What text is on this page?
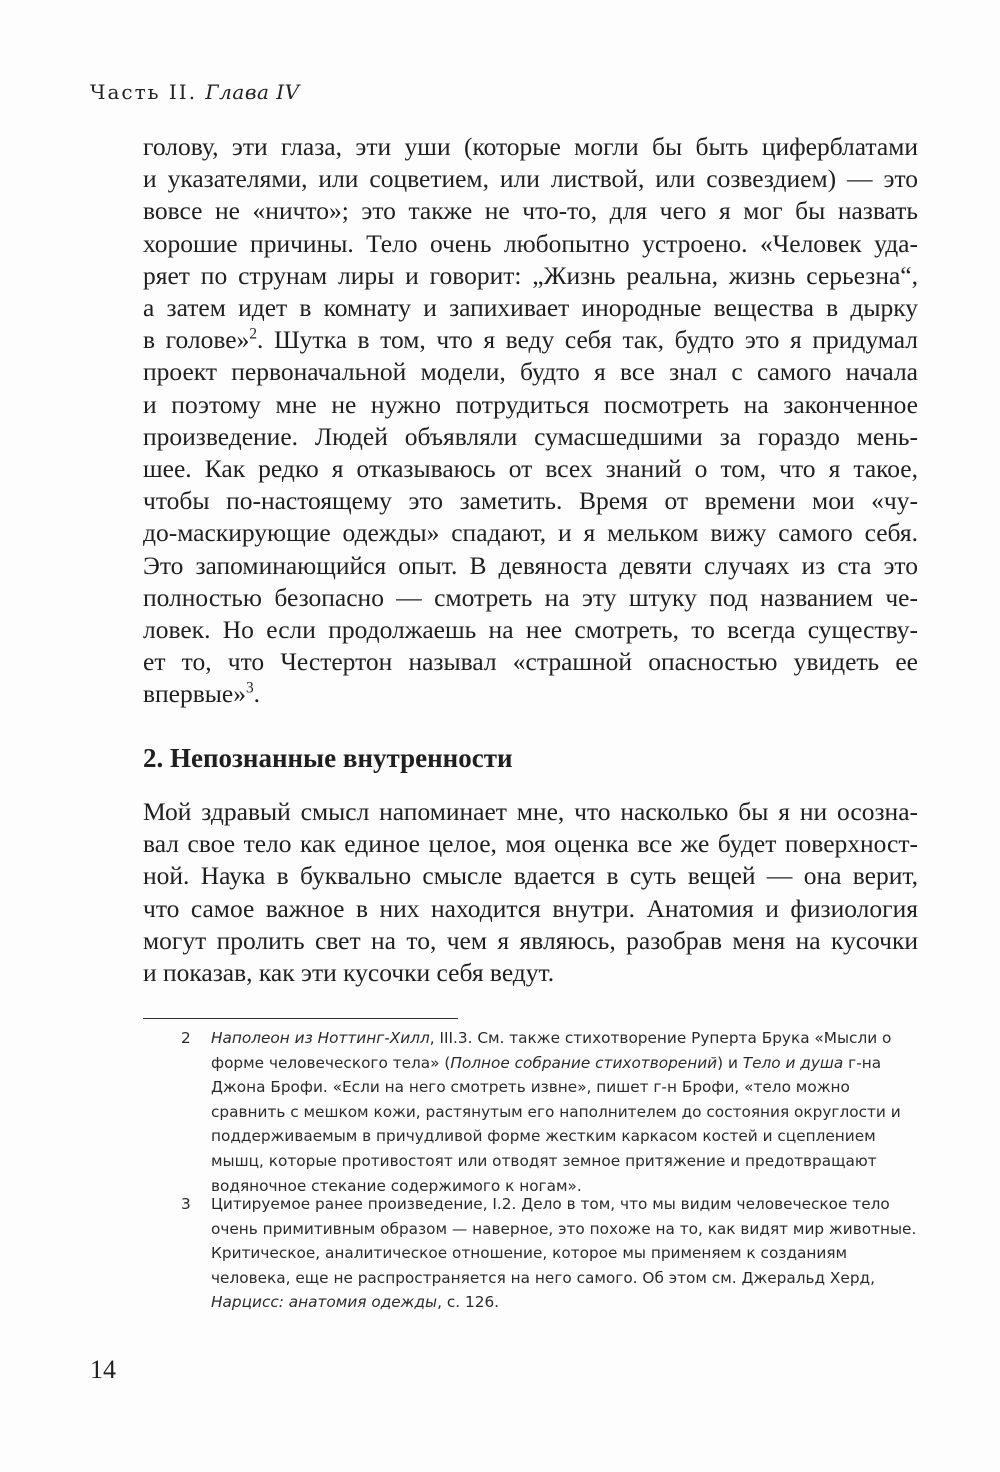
Часть II. Глава IV
голову, эти глаза, эти уши (которые могли бы быть циферблатами
и указателями, или соцветием, или листвой, или созвездием) — это
вовсе не «ничто»; это также не что-то, для чего я мог бы назвать
хорошие причины. Тело очень любопытно устроено. «Человек уда-
ряет по струнам лиры и говорит: „Жизнь реальна, жизнь серьезна“,
а затем идет в комнату и запихивает инородные вещества в дырку
в голове»$^2$. Шутка в том, что я веду себя так, будто это я придумал
проект первоначальной модели, будто я все знал с самого начала
и поэтому мне не нужно потрудиться посмотреть на законченное
произведение. Людей объявляли сумасшедшими за гораздо мень-
шее. Как редко я отказываюсь от всех знаний о том, что я такое,
чтобы по-настоящему это заметить. Время от времени мои «чу-
до-маскирующие одежды» спадают, и я мельком вижу самого себя.
Это запоминающийся опыт. В девяноста девяти случаях из ста это
полностью безопасно — смотреть на эту штуку под названием че-
ловек. Но если продолжаешь на нее смотреть, то всегда существу-
ет то, что Честертон называл «страшной опасностью увидеть ее
впервые»$^3$.
2. Непознанные внутренности
Мой здравый смысл напоминает мне, что насколько бы я ни осозна-
вал свое тело как единое целое, моя оценка все же будет поверхност-
ной. Наука в буквально смысле вдается в суть вещей — она верит,
что самое важное в них находится внутри. Анатомия и физиология
могут пролить свет на то, чем я являюсь, разобрав меня на кусочки
и показав, как эти кусочки себя ведут.
2 Наполеон из Ноттинг-Хилл, III.3. См. также стихотворение Руперта Брука «Мысли о форме человеческого тела» (Полное собрание стихотворений) и Тело и душа г-на Джона Брофи. «Если на него смотреть извне», пишет г-н Брофи, «тело можно сравнить с мешком кожи, растянутым его наполнителем до состояния округлости и поддерживаемым в причудливой форме жестким каркасом костей и сцеплением мышц, которые противостоят или отводят земное притяжение и предотвращают водяночное стекание содержимого к ногам».
3 Цитируемое ранее произведение, I.2. Дело в том, что мы видим человеческое тело очень примитивным образом — наверное, это похоже на то, как видят мир животные. Критическое, аналитическое отношение, которое мы применяем к созданиям человека, еще не распространяется на него самого. Об этом см. Джеральд Херд, Нарцисс: анатомия одежды, с. 126.
14
